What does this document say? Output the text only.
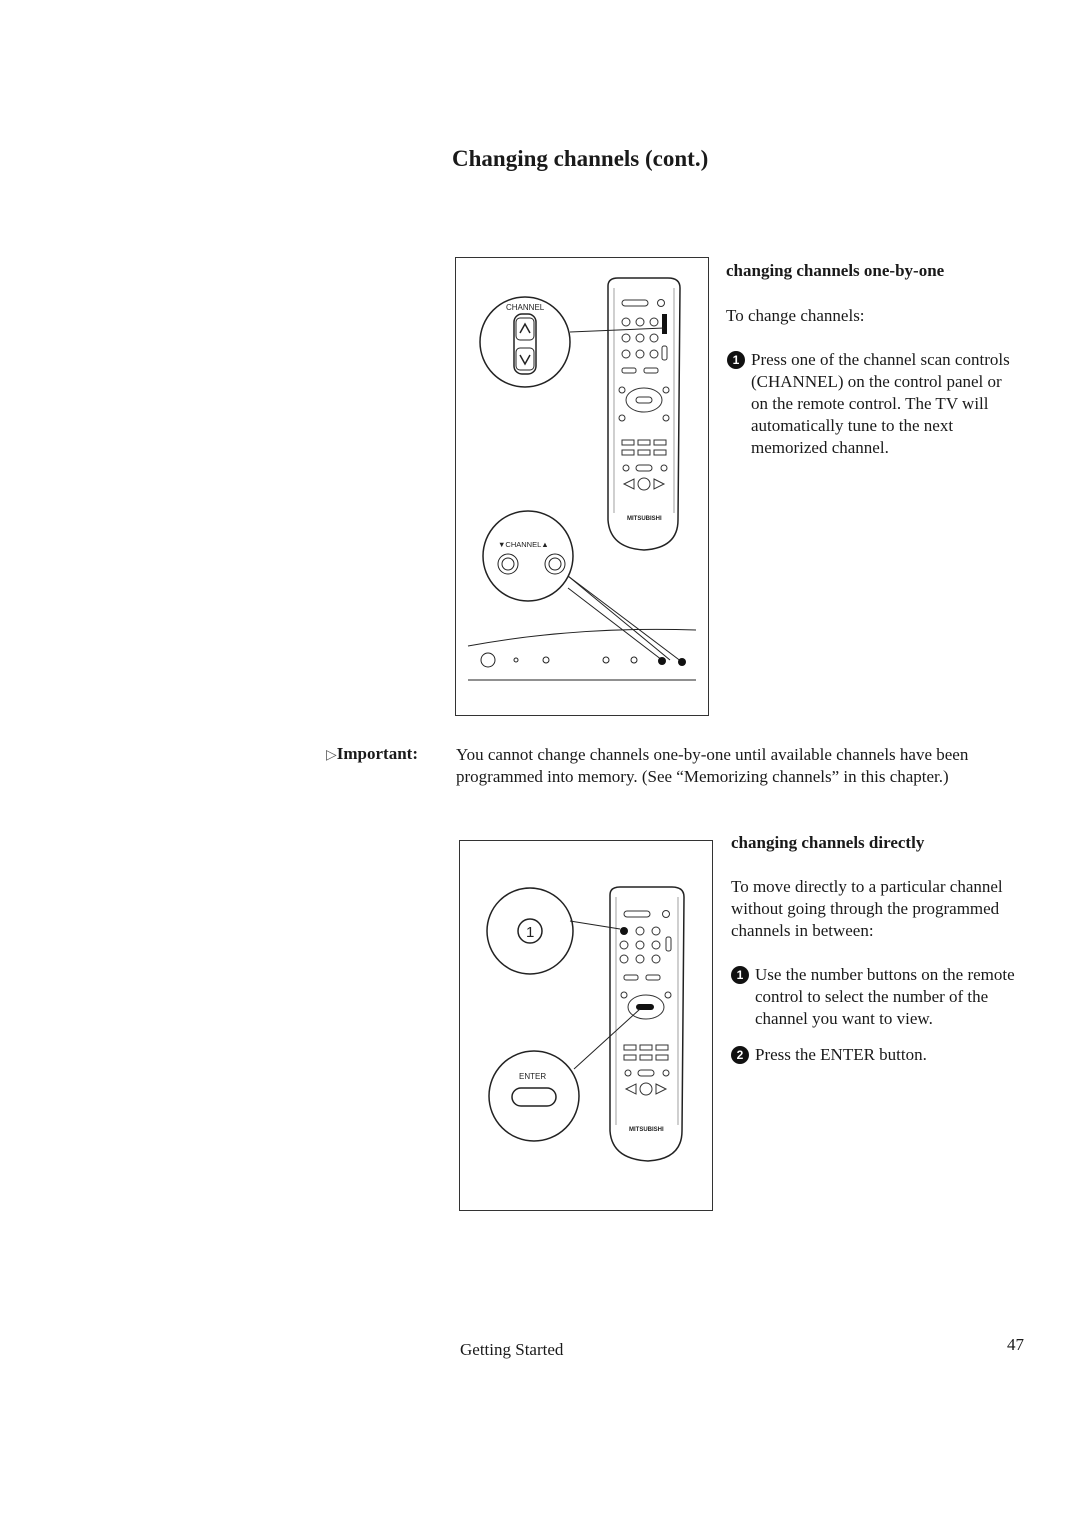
Changing channels (cont.)
MITSUBISHI
CHANNEL
▼CHANNEL▲
changing channels one-by-one
To change channels:
1 Press one of the channel scan controls (CHANNEL) on the control panel or on the remote control. The TV will automatically tune to the next memorized channel.
▷Important: You cannot change channels one-by-one until available channels have been programmed into memory. (See “Memorizing channels” in this chapter.)
MITSUBISHI
1
ENTER
changing channels directly
To move directly to a particular channel without going through the programmed channels in between:
1 Use the number buttons on the remote control to select the number of the channel you want to view.
2 Press the ENTER button.
Getting Started	47
